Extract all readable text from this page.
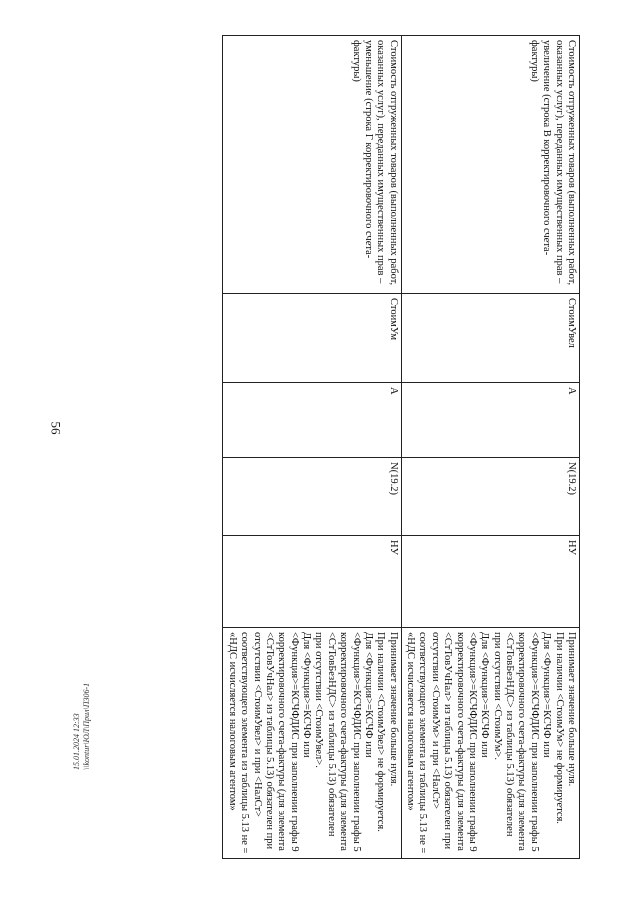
56
Стоимость отгруженных товаров (выполненных работ, оказанных услуг), переданных имущественных прав – увеличение (строка В корректировочного счета-фактуры)	СтоимУвел	А	N(19.2)	НУ	Принимает значение больше нуля.
При наличии <СтоимУм> не формируется.
Для <Функция>=КСЧФ или <Функция>=КСЧФДИС при заполнении графы 5 корректировочного счета-фактуры (для элемента <СтТовБезНДС> из таблицы 5.13) обязателен при отсутствии <СтоимУм>.
Для <Функция>=КСЧФ или <Функция>=КСЧФДИС при заполнении графы 9 корректировочного счета-фактуры (для элемента <СтТовУчНал> из таблицы 5.13) обязателен при отсутствии <СтоимУм> и при <НалСт> соответствующего элемента из таблицы 5.13 не = «НДС исчисляется налоговым агентом»
Стоимость отгруженных товаров (выполненных работ, оказанных услуг), переданных имущественных прав – уменьшение (строка Г корректировочного счета-фактуры)	СтоимУм	А	N(19.2)	НУ	Принимает значение больше нуля.
При наличии <СтоимУвел> не формируется.
Для <Функция>=КСЧФ или <Функция>=КСЧФДИС при заполнении графы 5 корректировочного счета-фактуры (для элемента <СтТовБезНДС> из таблицы 5.13) обязателен при отсутствии <СтоимУвел>.
Для <Функция>=КСЧФ или <Функция>=КСЧФДИС при заполнении графы 9 корректировочного счета-фактуры (для элемента <СтТовУчНал> из таблицы 5.13) обязателен при отсутствии <СтоимУвел> и при <НалСт> соответствующего элемента из таблицы 5.13 не = «НДС исчисляется налоговым агентом»
15.01.2024 12:33 \\kontur\ЮЛ\Прил\П306-1
